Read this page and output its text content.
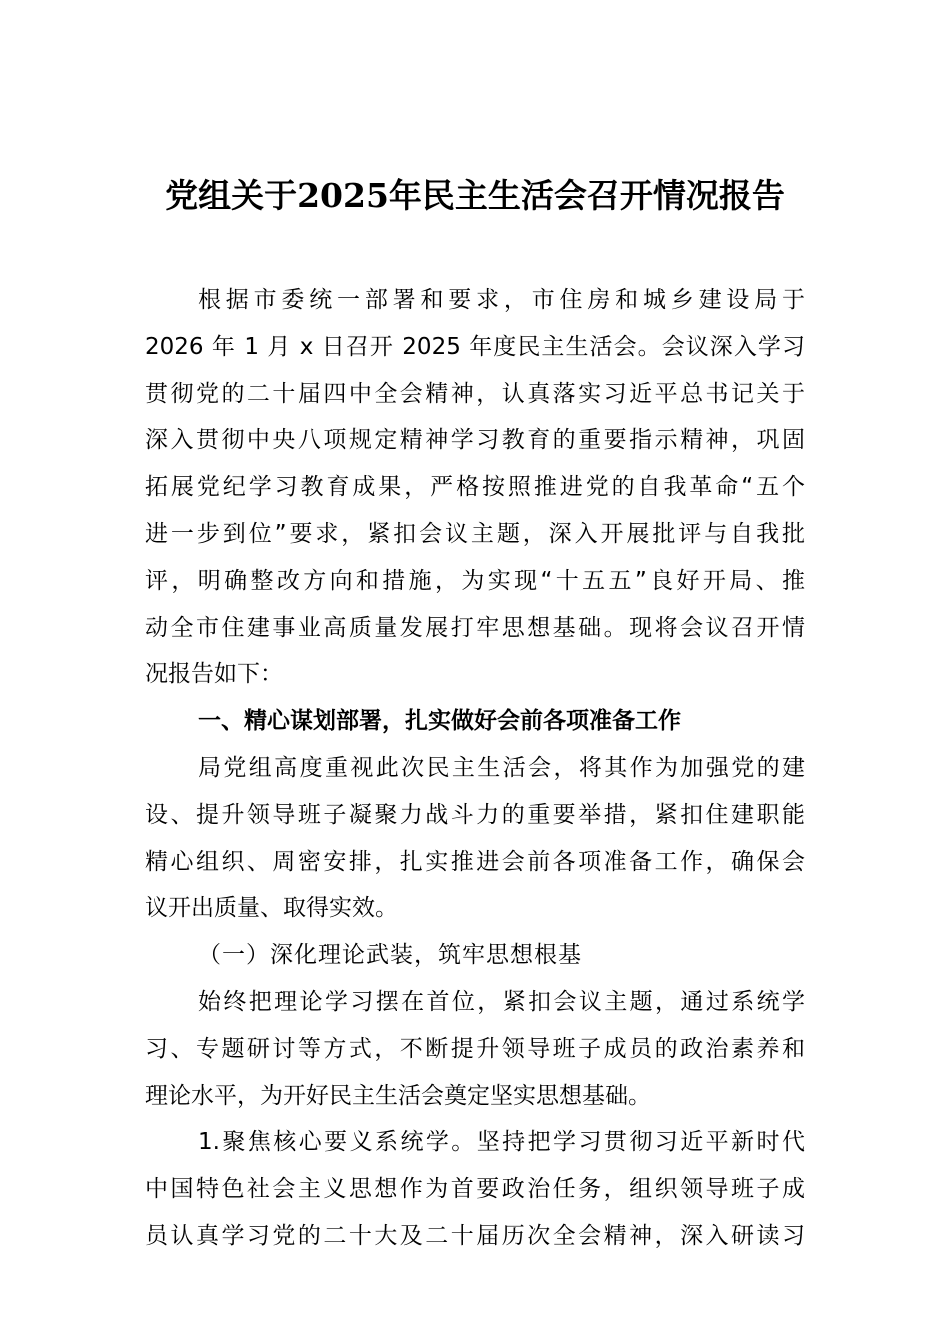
党组关于2025年民主生活会召开情况报告
根据市委统一部署和要求，市住房和城乡建设局于
2026 年 1 月 x 日召开 2025 年度民主生活会。会议深入学习
贯彻党的二十届四中全会精神，认真落实习近平总书记关于
深入贯彻中央八项规定精神学习教育的重要指示精神，巩固
拓展党纪学习教育成果，严格按照推进党的自我革命“五个
进一步到位”要求，紧扣会议主题，深入开展批评与自我批
评，明确整改方向和措施，为实现“十五五”良好开局、推
动全市住建事业高质量发展打牢思想基础。现将会议召开情
况报告如下：
一、精心谋划部署，扎实做好会前各项准备工作
局党组高度重视此次民主生活会，将其作为加强党的建
设、提升领导班子凝聚力战斗力的重要举措，紧扣住建职能
精心组织、周密安排，扎实推进会前各项准备工作，确保会
议开出质量、取得实效。
（一）深化理论武装，筑牢思想根基
始终把理论学习摆在首位，紧扣会议主题，通过系统学
习、专题研讨等方式，不断提升领导班子成员的政治素养和
理论水平，为开好民主生活会奠定坚实思想基础。
1.聚焦核心要义系统学。坚持把学习贯彻习近平新时代
中国特色社会主义思想作为首要政治任务，组织领导班子成
员认真学习党的二十大及二十届历次全会精神，深入研读习
